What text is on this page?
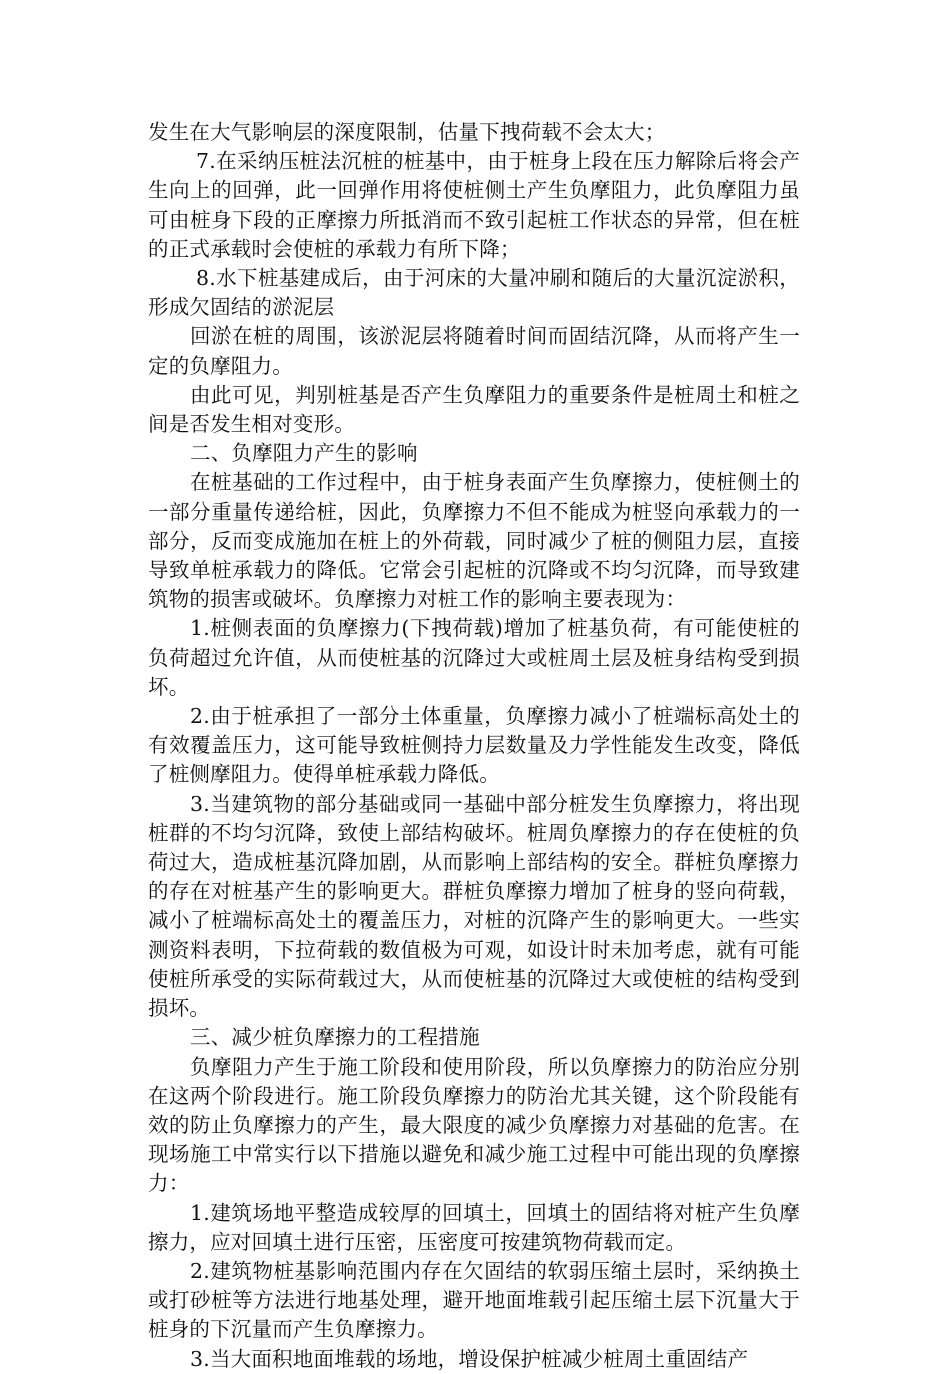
发生在大气影响层的深度限制，估量下拽荷载不会太大；

7.在采纳压桩法沉桩的桩基中，由于桩身上段在压力解除后将会产生向上的回弹，此一回弹作用将使桩侧土产生负摩阻力，此负摩阻力虽可由桩身下段的正摩擦力所抵消而不致引起桩工作状态的异常，但在桩的正式承载时会使桩的承载力有所下降；

8.水下桩基建成后，由于河床的大量冲刷和随后的大量沉淀淤积，形成欠固结的淤泥层

回淤在桩的周围，该淤泥层将随着时间而固结沉降，从而将产生一定的负摩阻力。

由此可见，判别桩基是否产生负摩阻力的重要条件是桩周土和桩之间是否发生相对变形。

二、负摩阻力产生的影响

在桩基础的工作过程中，由于桩身表面产生负摩擦力，使桩侧土的一部分重量传递给桩，因此，负摩擦力不但不能成为桩竖向承载力的一部分，反而变成施加在桩上的外荷载，同时减少了桩的侧阻力层，直接导致单桩承载力的降低。它常会引起桩的沉降或不均匀沉降，而导致建筑物的损害或破坏。负摩擦力对桩工作的影响主要表现为：

1.桩侧表面的负摩擦力(下拽荷载)增加了桩基负荷，有可能使桩的负荷超过允许值，从而使桩基的沉降过大或桩周土层及桩身结构受到损坏。

2.由于桩承担了一部分土体重量，负摩擦力减小了桩端标高处土的有效覆盖压力，这可能导致桩侧持力层数量及力学性能发生改变，降低了桩侧摩阻力。使得单桩承载力降低。

3.当建筑物的部分基础或同一基础中部分桩发生负摩擦力，将出现桩群的不均匀沉降，致使上部结构破坏。桩周负摩擦力的存在使桩的负荷过大，造成桩基沉降加剧，从而影响上部结构的安全。群桩负摩擦力的存在对桩基产生的影响更大。群桩负摩擦力增加了桩身的竖向荷载，减小了桩端标高处土的覆盖压力，对桩的沉降产生的影响更大。一些实测资料表明，下拉荷载的数值极为可观，如设计时未加考虑，就有可能使桩所承受的实际荷载过大，从而使桩基的沉降过大或使桩的结构受到损坏。

三、减少桩负摩擦力的工程措施

负摩阻力产生于施工阶段和使用阶段，所以负摩擦力的防治应分别在这两个阶段进行。施工阶段负摩擦力的防治尤其关键，这个阶段能有效的防止负摩擦力的产生，最大限度的减少负摩擦力对基础的危害。在现场施工中常实行以下措施以避免和减少施工过程中可能出现的负摩擦力：

1.建筑场地平整造成较厚的回填土，回填土的固结将对桩产生负摩擦力，应对回填土进行压密，压密度可按建筑物荷载而定。

2.建筑物桩基影响范围内存在欠固结的软弱压缩土层时，采纳换土或打砂桩等方法进行地基处理，避开地面堆载引起压缩土层下沉量大于桩身的下沉量而产生负摩擦力。

3.当大面积地面堆载的场地，增设保护桩减少桩周土重固结产
